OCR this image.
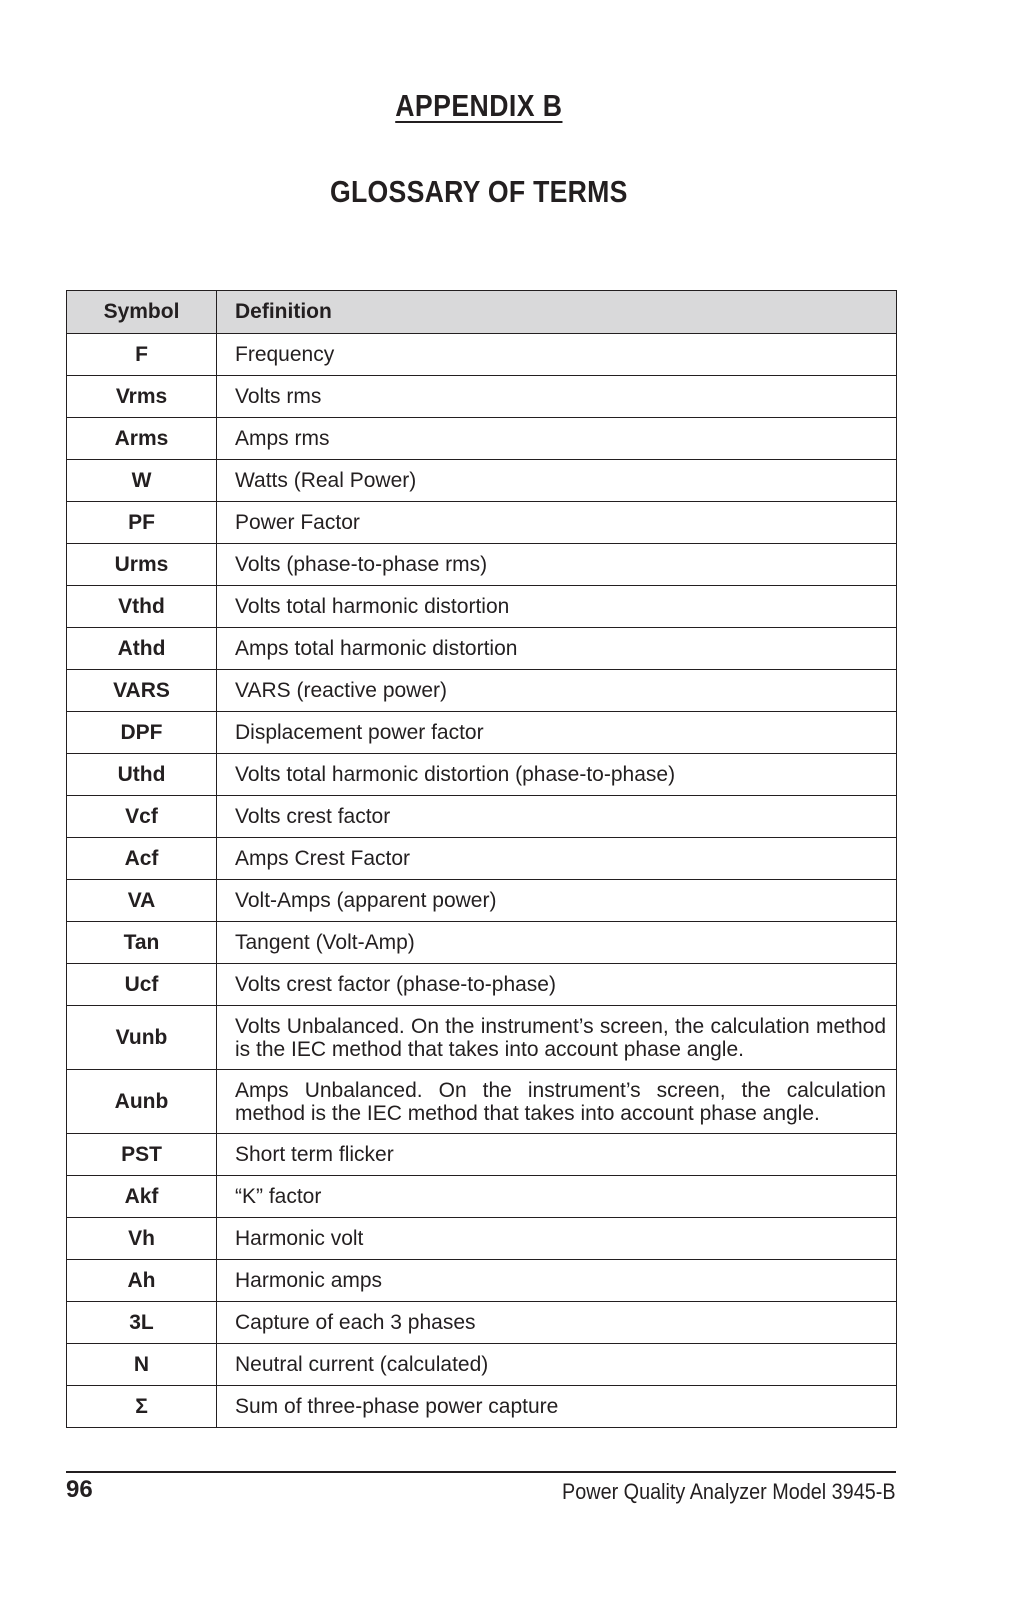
APPENDIX B
GLOSSARY OF TERMS
Symbol	Definition
F	Frequency
Vrms	Volts rms
Arms	Amps rms
W	Watts (Real Power)
PF	Power Factor
Urms	Volts (phase-to-phase rms)
Vthd	Volts total harmonic distortion
Athd	Amps total harmonic distortion
VARS	VARS (reactive power)
DPF	Displacement power factor
Uthd	Volts total harmonic distortion (phase-to-phase)
Vcf	Volts crest factor
Acf	Amps Crest Factor
VA	Volt-Amps (apparent power)
Tan	Tangent (Volt-Amp)
Ucf	Volts crest factor (phase-to-phase)
Vunb	Volts Unbalanced. On the instrument’s screen, the calculation method is the IEC method that takes into account phase angle.
Aunb	Amps Unbalanced. On the instrument’s screen, the calculation method is the IEC method that takes into account phase angle.
PST	Short term flicker
Akf	“K” factor
Vh	Harmonic volt
Ah	Harmonic amps
3L	Capture of each 3 phases
N	Neutral current (calculated)
Σ	Sum of three-phase power capture
96	Power Quality Analyzer Model 3945-B
